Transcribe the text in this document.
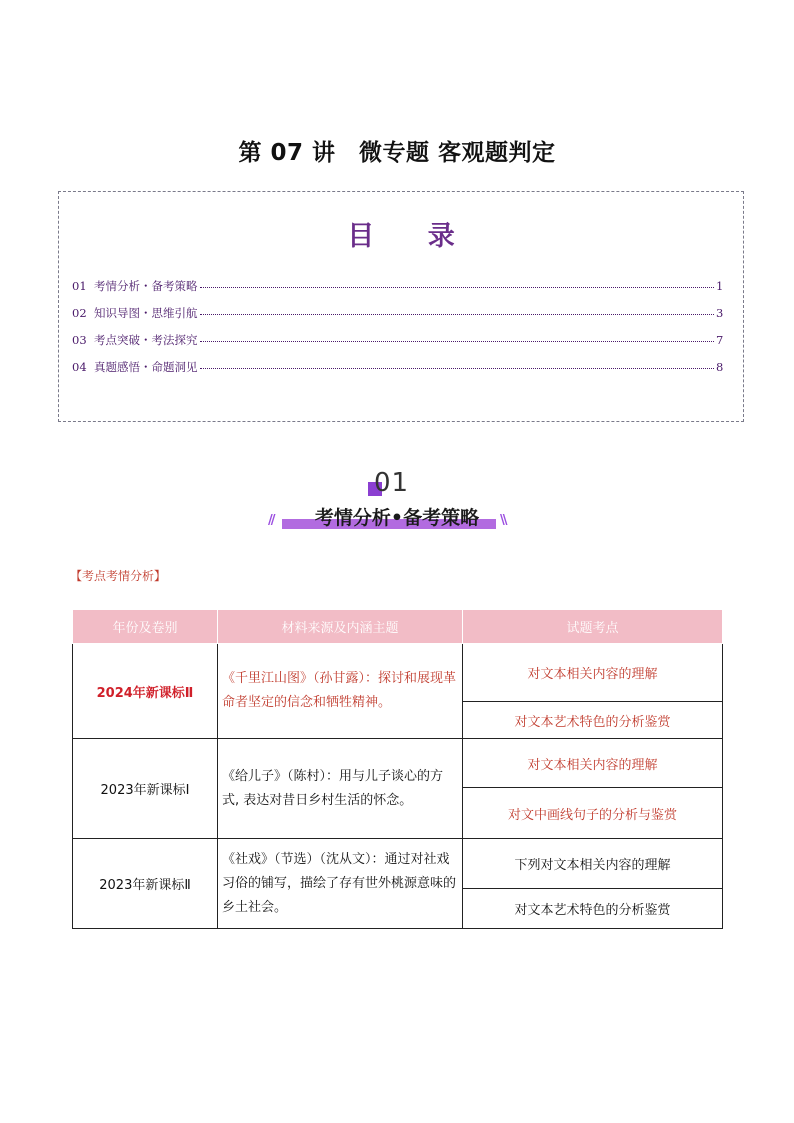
第 07 讲　微专题 客观题判定
目 录
01 考情分析・备考策略	1
02 知识导图・思维引航	3
03 考点突破・考法探究	7
04 真题感悟・命题洞见	8
01
//	考情分析•备考策略	\\
【考点考情分析】
年份及卷别	材料来源及内涵主题	试题考点
2024年新课标Ⅱ	《千里江山图》（孙甘露）：探讨和展现革命者坚定的信念和牺牲精神。	对文本相关内容的理解
		对文本艺术特色的分析鉴赏
2023年新课标Ⅰ	《给儿子》（陈村）：用与儿子谈心的方式, 表达对昔日乡村生活的怀念。	对文本相关内容的理解
		对文中画线句子的分析与鉴赏
2023年新课标Ⅱ	《社戏》（节选）（沈从文）：通过对社戏习俗的铺写，描绘了存有世外桃源意味的乡土社会。	下列对文本相关内容的理解
		对文本艺术特色的分析鉴赏
